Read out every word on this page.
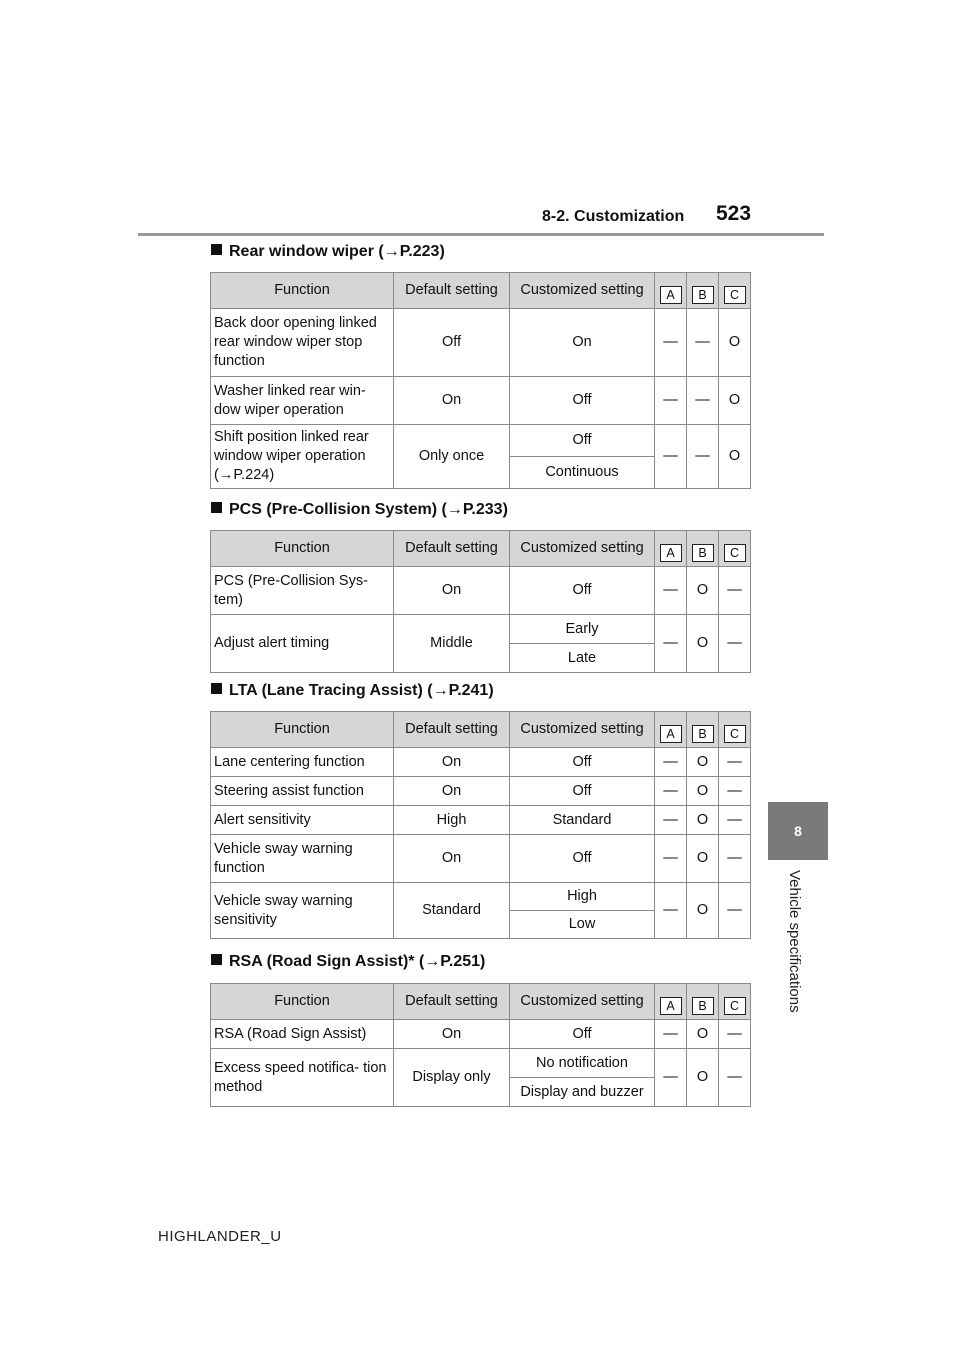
8-2. Customization 523
8
Vehicle specifications
Rear window wiper (→P.223)
Function	Default setting	Customized setting	A	B	C
Back door opening linked rear window wiper stop function	Off	On	—	—	O
Washer linked rear win- dow wiper operation	On	Off	—	—	O
Shift position linked rear window wiper operation (→P.224)	Only once	Off	—	—	O
		Continuous			
PCS (Pre-Collision System) (→P.233)
Function	Default setting	Customized setting	A	B	C
PCS (Pre-Collision Sys- tem)	On	Off	—	O	—
Adjust alert timing	Middle	Early	—	O	—
		Late			
LTA (Lane Tracing Assist) (→P.241)
Function	Default setting	Customized setting	A	B	C
Lane centering function	On	Off	—	O	—
Steering assist function	On	Off	—	O	—
Alert sensitivity	High	Standard	—	O	—
Vehicle sway warning function	On	Off	—	O	—
Vehicle sway warning sensitivity	Standard	High	—	O	—
		Low			
RSA (Road Sign Assist)* (→P.251)
Function	Default setting	Customized setting	A	B	C
RSA (Road Sign Assist)	On	Off	—	O	—
Excess speed notifica- tion method	Display only	No notification	—	O	—
		Display and buzzer			
HIGHLANDER_U
